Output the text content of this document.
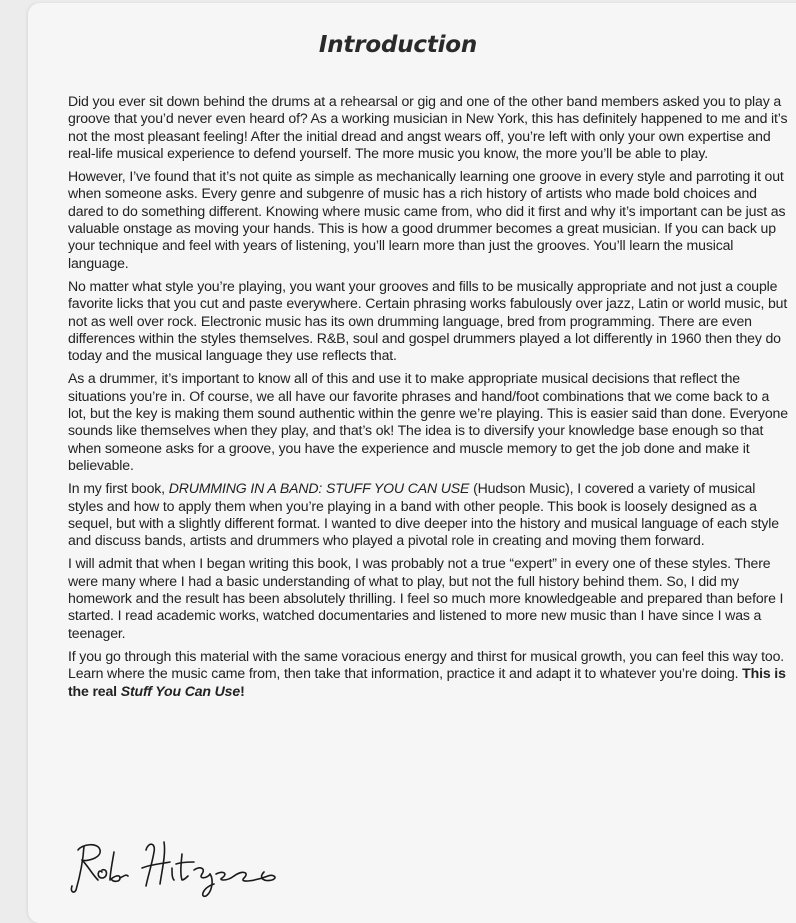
Introduction

Did you ever sit down behind the drums at a rehearsal or gig and one of the other band members asked you to play a groove that you’d never even heard of? As a working musician in New York, this has definitely happened to me and it’s not the most pleasant feeling! After the initial dread and angst wears off, you’re left with only your own expertise and real-life musical experience to defend yourself. The more music you know, the more you’ll be able to play.

However, I’ve found that it’s not quite as simple as mechanically learning one groove in every style and parroting it out when someone asks. Every genre and subgenre of music has a rich history of artists who made bold choices and dared to do something different. Knowing where music came from, who did it first and why it’s important can be just as valuable onstage as moving your hands. This is how a good drummer becomes a great musician. If you can back up your technique and feel with years of listening, you’ll learn more than just the grooves. You’ll learn the musical language.

No matter what style you’re playing, you want your grooves and fills to be musically appropriate and not just a couple favorite licks that you cut and paste everywhere. Certain phrasing works fabulously over jazz, Latin or world music, but not as well over rock. Electronic music has its own drumming language, bred from programming. There are even differences within the styles themselves. R&B, soul and gospel drummers played a lot differently in 1960 then they do today and the musical language they use reflects that.

As a drummer, it’s important to know all of this and use it to make appropriate musical decisions that reflect the situations you’re in. Of course, we all have our favorite phrases and hand/foot combinations that we come back to a lot, but the key is making them sound authentic within the genre we’re playing. This is easier said than done. Everyone sounds like themselves when they play, and that’s ok! The idea is to diversify your knowledge base enough so that when someone asks for a groove, you have the experience and muscle memory to get the job done and make it believable.

In my first book, DRUMMING IN A BAND: STUFF YOU CAN USE (Hudson Music), I covered a variety of musical styles and how to apply them when you’re playing in a band with other people. This book is loosely designed as a sequel, but with a slightly different format. I wanted to dive deeper into the history and musical language of each style and discuss bands, artists and drummers who played a pivotal role in creating and moving them forward.

I will admit that when I began writing this book, I was probably not a true “expert” in every one of these styles. There were many where I had a basic understanding of what to play, but not the full history behind them. So, I did my homework and the result has been absolutely thrilling. I feel so much more knowledgeable and prepared than before I started. I read academic works, watched documentaries and listened to more new music than I have since I was a teenager.

If you go through this material with the same voracious energy and thirst for musical growth, you can feel this way too. Learn where the music came from, then take that information, practice it and adapt it to whatever you’re doing. This is the real Stuff You Can Use!
